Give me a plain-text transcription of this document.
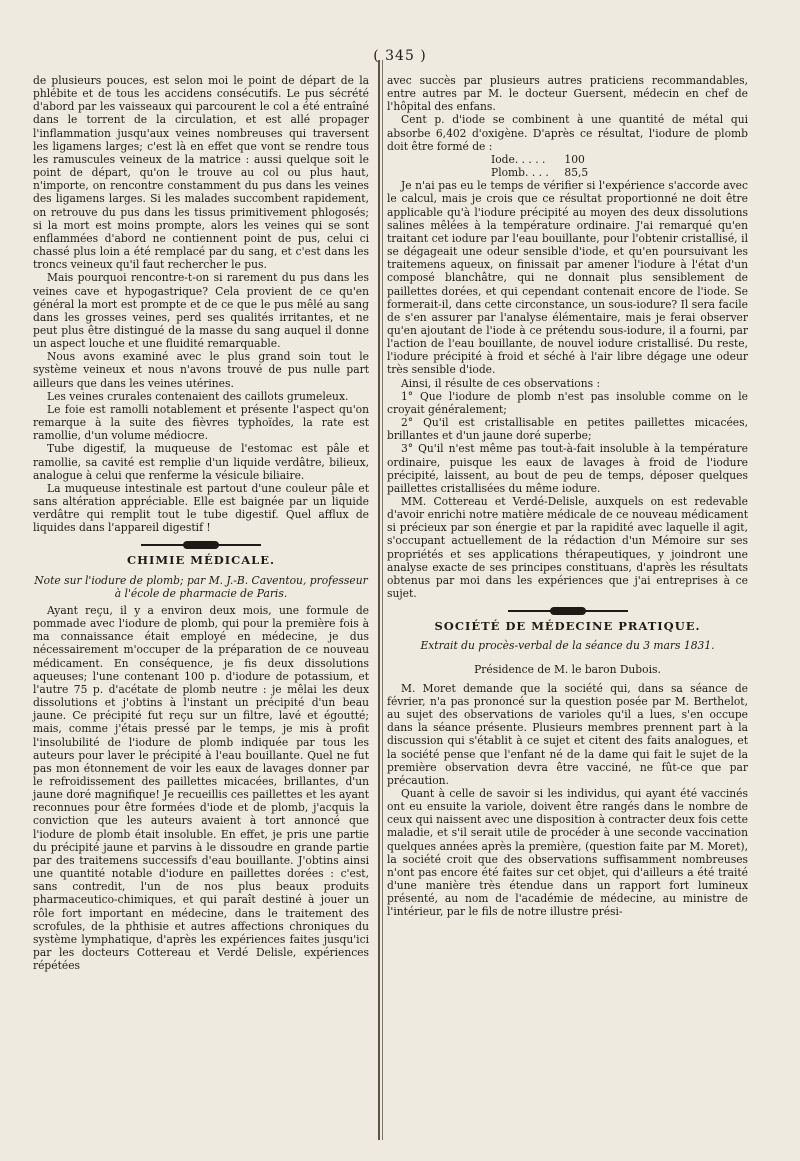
( 345 )

de plusieurs pouces, est selon moi le point de départ de la phlébite et de tous les accidens consécutifs. Le pus sécrété d'abord par les vaisseaux qui parcourent le col a été entraîné dans le torrent de la circulation, et est allé propager l'inflammation jusqu'aux veines nombreuses qui traversent les ligamens larges; c'est là en effet que vont se rendre tous les ramuscules veineux de la matrice : aussi quelque soit le point de départ, qu'on le trouve au col ou plus haut, n'importe, on rencontre constamment du pus dans les veines des ligamens larges. Si les malades succombent rapidement, on retrouve du pus dans les tissus primitivement phlogosés; si la mort est moins prompte, alors les veines qui se sont enflammées d'abord ne contiennent point de pus, celui ci chassé plus loin a été remplacé par du sang, et c'est dans les troncs veineux qu'il faut rechercher le pus.

Mais pourquoi rencontre-t-on si rarement du pus dans les veines cave et hypogastrique? Cela provient de ce qu'en général la mort est prompte et de ce que le pus mêlé au sang dans les grosses veines, perd ses qualités irritantes, et ne peut plus être distingué de la masse du sang auquel il donne un aspect louche et une fluidité remarquable.

Nous avons examiné avec le plus grand soin tout le système veineux et nous n'avons trouvé de pus nulle part ailleurs que dans les veines utérines.

Les veines crurales contenaient des caillots grumeleux.

Le foie est ramolli notablement et présente l'aspect qu'on remarque à la suite des fièvres typhoïdes, la rate est ramollie, d'un volume médiocre.

Tube digestif, la muqueuse de l'estomac est pâle et ramollie, sa cavité est remplie d'un liquide verdâtre, bilieux, analogue à celui que renferme la vésicule biliaire.

La muqueuse intestinale est partout d'une couleur pâle et sans altération appréciable. Elle est baignée par un liquide verdâtre qui remplit tout le tube digestif. Quel afflux de liquides dans l'appareil digestif !

CHIMIE MÉDICALE.
Note sur l'iodure de plomb; par M. J.-B. Caventou, professeur à l'école de pharmacie de Paris.

Ayant reçu, il y a environ deux mois, une formule de pommade avec l'iodure de plomb, qui pour la première fois à ma connaissance était employé en médecine, je dus nécessairement m'occuper de la préparation de ce nouveau médicament. En conséquence, je fis deux dissolutions aqueuses; l'une contenant 100 p. d'iodure de potassium, et l'autre 75 p. d'acétate de plomb neutre : je mêlai les deux dissolutions et j'obtins à l'instant un précipité d'un beau jaune. Ce précipité fut reçu sur un filtre, lavé et égoutté; mais, comme j'étais pressé par le temps, je mis à profit l'insolubilité de l'iodure de plomb indiquée par tous les auteurs pour laver le précipité à l'eau bouillante. Quel ne fut pas mon étonnement de voir les eaux de lavages donner par le refroidissement des paillettes micacées, brillantes, d'un jaune doré magnifique! Je recueillis ces paillettes et les ayant reconnues pour être formées d'iode et de plomb, j'acquis la conviction que les auteurs avaient à tort annoncé que l'iodure de plomb était insoluble. En effet, je pris une partie du précipité jaune et parvins à le dissoudre en grande partie par des traitemens successifs d'eau bouillante. J'obtins ainsi une quantité notable d'iodure en paillettes dorées : c'est, sans contredit, l'un de nos plus beaux produits pharmaceutico-chimiques, et qui paraît destiné à jouer un rôle fort important en médecine, dans le traitement des scrofules, de la phthisie et autres affections chroniques du système lymphatique, d'après les expériences faites jusqu'ici par les docteurs Cottereau et Verdé Delisle, expériences répétées

avec succès par plusieurs autres praticiens recommandables, entre autres par M. le docteur Guersent, médecin en chef de l'hôpital des enfans.

Cent p. d'iode se combinent à une quantité de métal qui absorbe 6,402 d'oxigène. D'après ce résultat, l'iodure de plomb doit être formé de :

Iode. . . . . 100
Plomb. . . . 85,5

Je n'ai pas eu le temps de vérifier si l'expérience s'accorde avec le calcul, mais je crois que ce résultat proportionné ne doit être applicable qu'à l'iodure précipité au moyen des deux dissolutions salines mêlées à la température ordinaire. J'ai remarqué qu'en traitant cet iodure par l'eau bouillante, pour l'obtenir cristallisé, il se dégageait une odeur sensible d'iode, et qu'en poursuivant les traitemens aqueux, on finissait par amener l'iodure à l'état d'un composé blanchâtre, qui ne donnait plus sensiblement de paillettes dorées, et qui cependant contenait encore de l'iode. Se formerait-il, dans cette circonstance, un sous-iodure? Il sera facile de s'en assurer par l'analyse élémentaire, mais je ferai observer qu'en ajoutant de l'iode à ce prétendu sous-iodure, il a fourni, par l'action de l'eau bouillante, de nouvel iodure cristallisé. Du reste, l'iodure précipité à froid et séché à l'air libre dégage une odeur très sensible d'iode.

Ainsi, il résulte de ces observations :

1° Que l'iodure de plomb n'est pas insoluble comme on le croyait généralement;

2° Qu'il est cristallisable en petites paillettes micacées, brillantes et d'un jaune doré superbe;

3° Qu'il n'est même pas tout-à-fait insoluble à la température ordinaire, puisque les eaux de lavages à froid de l'iodure précipité, laissent, au bout de peu de temps, déposer quelques paillettes cristallisées du même iodure.

MM. Cottereau et Verdé-Delisle, auxquels on est redevable d'avoir enrichi notre matière médicale de ce nouveau médicament si précieux par son énergie et par la rapidité avec laquelle il agit, s'occupant actuellement de la rédaction d'un Mémoire sur ses propriétés et ses applications thérapeutiques, y joindront une analyse exacte de ses principes constituans, d'après les résultats obtenus par moi dans les expériences que j'ai entreprises à ce sujet.

SOCIÉTÉ DE MÉDECINE PRATIQUE.
Extrait du procès-verbal de la séance du 3 mars 1831.

Présidence de M. le baron Dubois.

M. Moret demande que la société qui, dans sa séance de février, n'a pas prononcé sur la question posée par M. Berthelot, au sujet des observations de varioles qu'il a lues, s'en occupe dans la séance présente. Plusieurs membres prennent part à la discussion qui s'établit à ce sujet et citent des faits analogues, et la société pense que l'enfant né de la dame qui fait le sujet de la première observation devra être vacciné, ne fût-ce que par précaution.

Quant à celle de savoir si les individus, qui ayant été vaccinés ont eu ensuite la variole, doivent être rangés dans le nombre de ceux qui naissent avec une disposition à contracter deux fois cette maladie, et s'il serait utile de procéder à une seconde vaccination quelques années après la première, (question faite par M. Moret), la société croit que des observations suffisamment nombreuses n'ont pas encore été faites sur cet objet, qui d'ailleurs a été traité d'une manière très étendue dans un rapport fort lumineux présenté, au nom de l'académie de médecine, au ministre de l'intérieur, par le fils de notre illustre prési-
